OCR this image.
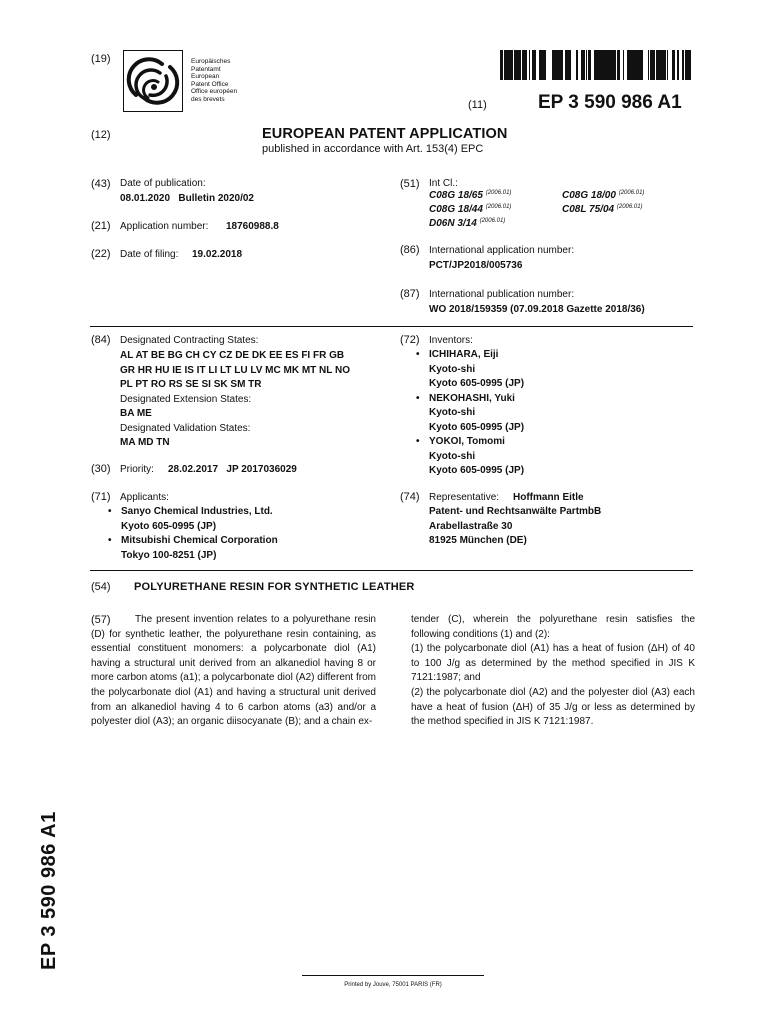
(19)	Europäisches
Patentamt
European
Patent Office
Office européen
des brevets	(11)	EP 3 590 986 A1
(12)	EUROPEAN PATENT APPLICATION
published in accordance with Art. 153(4) EPC
(43) Date of publication:
08.01.2020   Bulletin 2020/02
(21) Application number: 18760988.8
(22) Date of filing: 19.02.2018
(51) Int Cl.:
C08G 18/65 $^{(2006.01)}$	C08G 18/00 $^{(2006.01)}$
C08G 18/44 $^{(2006.01)}$	C08L 75/04 $^{(2006.01)}$
D06N 3/14 $^{(2006.01)}$
(86) International application number:
PCT/JP2018/005736
(87) International publication number:
WO 2018/159359 (07.09.2018 Gazette 2018/36)
(84) Designated Contracting States:
AL AT BE BG CH CY CZ DE DK EE ES FI FR GB
GR HR HU IE IS IT LI LT LU LV MC MK MT NL NO
PL PT RO RS SE SI SK SM TR
Designated Extension States:
BA ME
Designated Validation States:
MA MD TN
(30) Priority: 28.02.2017   JP 2017036029
(71) Applicants:
• Sanyo Chemical Industries, Ltd.
Kyoto 605-0995 (JP)
• Mitsubishi Chemical Corporation
Tokyo 100-8251 (JP)
(72) Inventors:
• ICHIHARA, Eiji
Kyoto-shi
Kyoto 605-0995 (JP)
• NEKOHASHI, Yuki
Kyoto-shi
Kyoto 605-0995 (JP)
• YOKOI, Tomomi
Kyoto-shi
Kyoto 605-0995 (JP)
(74) Representative: Hoffmann Eitle
Patent- und Rechtsanwälte PartmbB
Arabellastraße 30
81925 München (DE)
(54) POLYURETHANE RESIN FOR SYNTHETIC LEATHER
(57)	The present invention relates to a polyurethane resin (D) for synthetic leather, the polyurethane resin containing, as essential constituent monomers: a polycarbonate diol (A1) having a structural unit derived from an alkanediol having 8 or more carbon atoms (a1); a polycarbonate diol (A2) different from the polycarbonate diol (A1) and having a structural unit derived from an alkanediol having 4 to 6 carbon atoms (a3) and/or a polyester diol (A3); an organic diisocyanate (B); and a chain ex-

tender (C), wherein the polyurethane resin satisfies the following conditions (1) and (2):

(1) the polycarbonate diol (A1) has a heat of fusion (ΔH) of 40 to 100 J/g as determined by the method specified in JIS K 7121:1987; and

(2) the polycarbonate diol (A2) and the polyester diol (A3) each have a heat of fusion (ΔH) of 35 J/g or less as determined by the method specified in JIS K 7121:1987.

EP 3 590 986 A1
Printed by Jouve, 75001 PARIS (FR)
